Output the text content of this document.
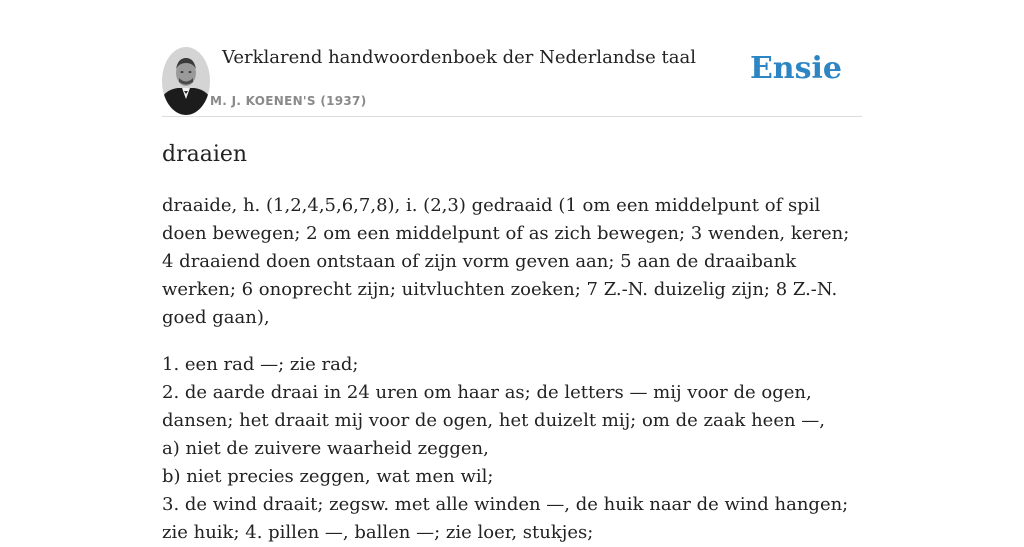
Verklarend handwoordenboek der Nederlandse taal
M. J. KOENEN'S (1937)
Ensie
draaien

draaide, h. (1,2,4,5,6,7,8), i. (2,3) gedraaid (1 om een middelpunt of spil doen bewegen; 2 om een middelpunt of as zich bewegen; 3 wenden, keren; 4 draaiend doen ontstaan of zijn vorm geven aan; 5 aan de draaibank werken; 6 onoprecht zijn; uitvluchten zoeken; 7 Z.-N. duizelig zijn; 8 Z.-N. goed gaan),

1. een rad —; zie rad;

2. de aarde draai in 24 uren om haar as; de letters — mij voor de ogen, dansen; het draait mij voor de ogen, het duizelt mij; om de zaak heen —,

a) niet de zuivere waarheid zeggen,

b) niet precies zeggen, wat men wil;

3. de wind draait; zegsw. met alle winden —, de huik naar de wind hangen; zie huik; 4. pillen —, ballen —; zie loer, stukjes;
